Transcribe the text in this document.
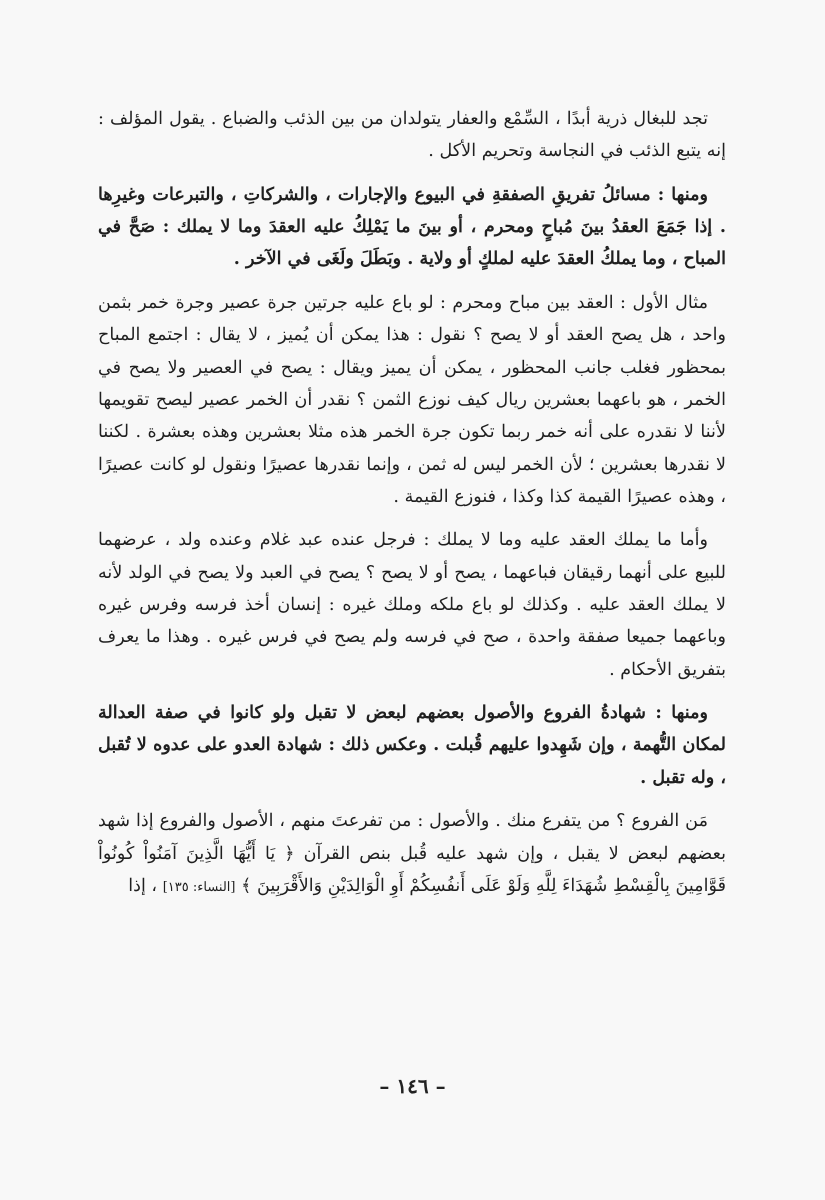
تجد للبغال ذرية أبدًا ، السِّمْع والعفار يتولدان من بين الذئب والضباع . يقول المؤلف : إنه يتبع الذئب في النجاسة وتحريم الأكل .

ومنها : مسائلُ تفريقِ الصفقةِ في البيوع والإجارات ، والشركاتِ ، والتبرعات وغيرِها . إذا جَمَعَ العقدُ بينَ مُباحٍ ومحرم ، أو بينَ ما يَمْلِكُ عليه العقدَ وما لا يملك : صَحَّ في المباح ، وما يملكُ العقدَ عليه لملكٍ أو ولاية . وبَطَلَ ولَغَى في الآخر .

مثال الأول : العقد بين مباح ومحرم : لو باع عليه جرتين جرة عصير وجرة خمر بثمن واحد ، هل يصح العقد أو لا يصح ؟ نقول : هذا يمكن أن يُميز ، لا يقال : اجتمع المباح بمحظور فغلب جانب المحظور ، يمكن أن يميز ويقال : يصح في العصير ولا يصح في الخمر ، هو باعهما بعشرين ريال كيف نوزع الثمن ؟ نقدر أن الخمر عصير ليصح تقويمها لأننا لا نقدره على أنه خمر ربما تكون جرة الخمر هذه مثلا بعشرين وهذه بعشرة . لكننا لا نقدرها بعشرين ؛ لأن الخمر ليس له ثمن ، وإنما نقدرها عصيرًا ونقول لو كانت عصيرًا ، وهذه عصيرًا القيمة كذا وكذا ، فنوزع القيمة .

وأما ما يملك العقد عليه وما لا يملك : فرجل عنده عبد غلام وعنده ولد ، عرضهما للبيع على أنهما رقيقان فباعهما ، يصح أو لا يصح ؟ يصح في العبد ولا يصح في الولد لأنه لا يملك العقد عليه . وكذلك لو باع ملكه وملك غيره : إنسان أخذ فرسه وفرس غيره وباعهما جميعا صفقة واحدة ، صح في فرسه ولم يصح في فرس غيره . وهذا ما يعرف بتفريق الأحكام .

ومنها : شهادةُ الفروع والأصول بعضهم لبعض لا تقبل ولو كانوا في صفة العدالة لمكان التُّهمة ، وإن شَهِدوا عليهم قُبلت . وعكس ذلك : شهادة العدو على عدوه لا تُقبل ، وله تقبل .

مَن الفروع ؟ من يتفرع منك . والأصول : من تفرعتَ منهم ، الأصول والفروع إذا شهد بعضهم لبعض لا يقبل ، وإن شهد عليه قُبل بنص القرآن ﴿ يَا أَيُّهَا الَّذِينَ آمَنُواْ كُونُواْ قَوَّامِينَ بِالْقِسْطِ شُهَدَاءَ لِلَّهِ وَلَوْ عَلَى أَنفُسِكُمْ أَوِ الْوَالِدَيْنِ وَالأَقْرَبِينَ ﴾ [النساء: ١٣٥] ، إذا

– ١٤٦ –
